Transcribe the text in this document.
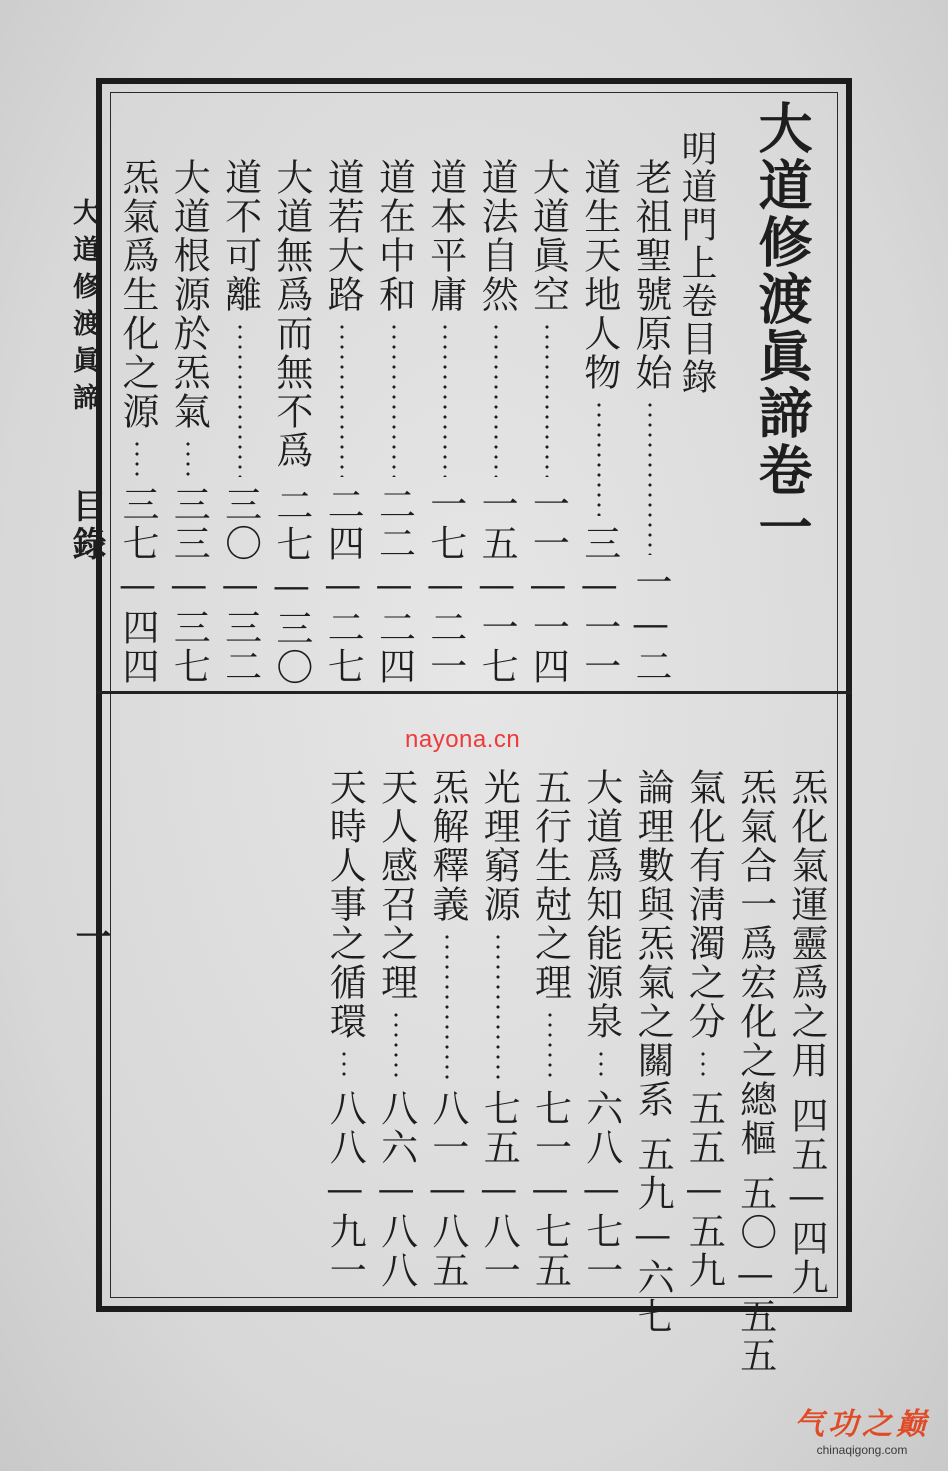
大道修渡眞諦
目錄
一
大道修渡眞諦卷一
明道門上卷目錄
老祖聖號原始
一—二
道生天地人物
三—一一
大道眞空
一一—一四
道法自然
一五—一七
道本平庸
一七—二一
道在中和
二二—二四
道若大路
二四—二七
大道無爲而無不爲
二七—三〇
道不可離
三〇—三二
大道根源於炁氣
三三—三七
炁氣爲生化之源
三七—四四
炁化氣運靈爲之用
四五—四九
炁氣合一爲宏化之總樞
五〇—五五
氣化有淸濁之分
五五—五九
論理數與炁氣之關系
五九—六七
大道爲知能源泉
六八—七一
五行生尅之理
七一—七五
光理窮源
七五—八一
炁解釋義
八一—八五
天人感召之理
八六—八八
天時人事之循環
八八—九一
nayona.cn
气功之巅
chinaqigong.com
